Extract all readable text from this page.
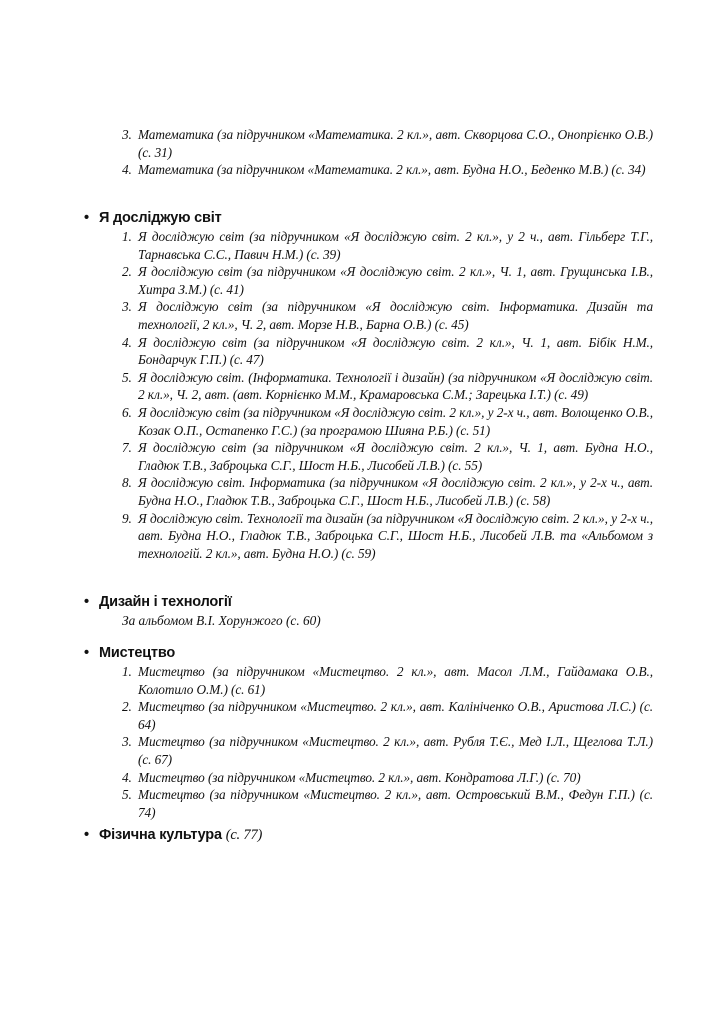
3. Математика (за підручником «Математика. 2 кл.», авт. Скворцова С.О., Онопрієнко О.В.) (с. 31)
4. Математика (за підручником «Математика. 2 кл.», авт. Будна Н.О., Беденко М.В.) (с. 34)
• Я досліджую світ
1. Я досліджую світ (за підручником «Я досліджую світ. 2 кл.», у 2 ч., авт. Гільберг Т.Г., Тарнавська С.С., Павич Н.М.) (с. 39)
2. Я досліджую світ (за підручником «Я досліджую світ. 2 кл.», Ч. 1, авт. Грущинська І.В., Хитра З.М.) (с. 41)
3. Я досліджую світ (за підручником «Я досліджую світ. Інформатика. Дизайн та технології, 2 кл.», Ч. 2, авт. Морзе Н.В., Барна О.В.) (с. 45)
4. Я досліджую світ (за підручником «Я досліджую світ. 2 кл.», Ч. 1, авт. Бібік Н.М., Бондарчук Г.П.) (с. 47)
5. Я досліджую світ. (Інформатика. Технології і дизайн) (за підручником «Я досліджую світ. 2 кл.», Ч. 2, авт. (авт. Корнієнко М.М., Крамаровська С.М.; Зарецька І.Т.) (с. 49)
6. Я досліджую світ (за підручником «Я досліджую світ. 2 кл.», у 2-х ч., авт. Волощенко О.В., Козак О.П., Остапенко Г.С.) (за програмою Шияна Р.Б.) (с. 51)
7. Я досліджую світ (за підручником «Я досліджую світ. 2 кл.», Ч. 1, авт. Будна Н.О., Гладюк Т.В., Заброцька С.Г., Шост Н.Б., Лисобей Л.В.) (с. 55)
8. Я досліджую світ. Інформатика (за підручником «Я досліджую світ. 2 кл.», у 2-х ч., авт. Будна Н.О., Гладюк Т.В., Заброцька С.Г., Шост Н.Б., Лисобей Л.В.) (с. 58)
9. Я досліджую світ. Технології та дизайн (за підручником «Я досліджую світ. 2 кл.», у 2-х ч., авт. Будна Н.О., Гладюк Т.В., Заброцька С.Г., Шост Н.Б., Лисобей Л.В. та «Альбомом з технологій. 2 кл.», авт. Будна Н.О.) (с. 59)
• Дизайн і технології
За альбомом В.І. Хорунжого (с. 60)
• Мистецтво
1. Мистецтво (за підручником «Мистецтво. 2 кл.», авт. Масол Л.М., Гайдамака О.В., Колотило О.М.) (с. 61)
2. Мистецтво (за підручником «Мистецтво. 2 кл.», авт. Калініченко О.В., Аристова Л.С.) (с. 64)
3. Мистецтво (за підручником «Мистецтво. 2 кл.», авт. Рубля Т.Є., Мед І.Л., Щеглова Т.Л.) (с. 67)
4. Мистецтво (за підручником «Мистецтво. 2 кл.», авт. Кондратова Л.Г.) (с. 70)
5. Мистецтво (за підручником «Мистецтво. 2 кл.», авт. Островський В.М., Федун Г.П.) (с. 74)
• Фізична культура (с. 77)
